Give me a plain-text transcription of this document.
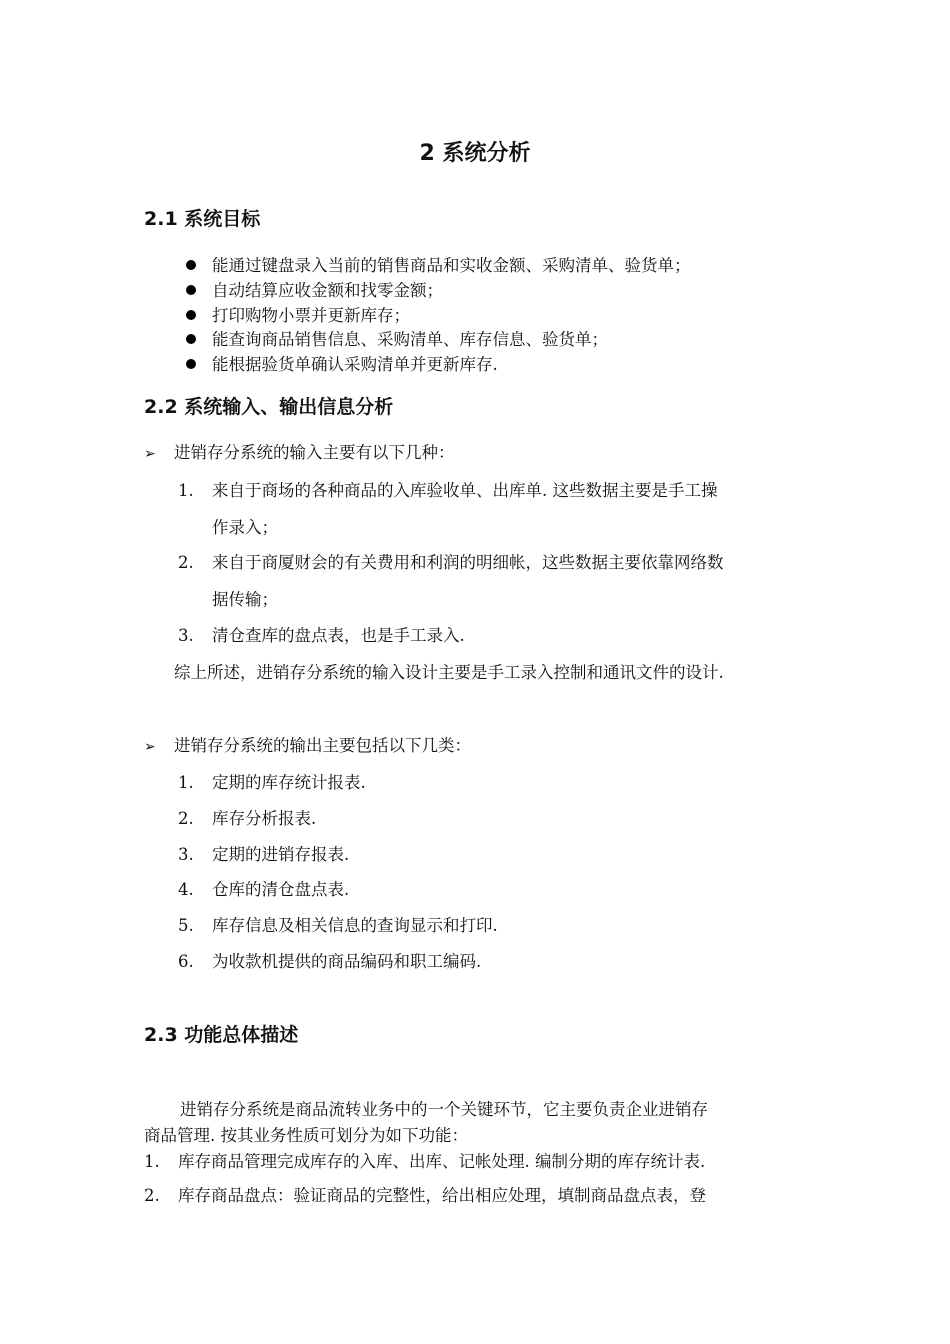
2 系统分析
2.1 系统目标
能通过键盘录入当前的销售商品和实收金额、采购清单、验货单；
自动结算应收金额和找零金额；
打印购物小票并更新库存；
能查询商品销售信息、采购清单、库存信息、验货单；
能根据验货单确认采购清单并更新库存.
2.2 系统输入、输出信息分析
➢ 进销存分系统的输入主要有以下几种：
1. 来自于商场的各种商品的入库验收单、出库单. 这些数据主要是手工操
作录入；
2. 来自于商厦财会的有关费用和利润的明细帐，这些数据主要依靠网络数
据传输；
3. 清仓查库的盘点表，也是手工录入.
综上所述，进销存分系统的输入设计主要是手工录入控制和通讯文件的设计.
➢ 进销存分系统的输出主要包括以下几类：
1. 定期的库存统计报表.
2. 库存分析报表.
3. 定期的进销存报表.
4. 仓库的清仓盘点表.
5. 库存信息及相关信息的查询显示和打印.
6. 为收款机提供的商品编码和职工编码.
2.3 功能总体描述
进销存分系统是商品流转业务中的一个关键环节，它主要负责企业进销存
商品管理. 按其业务性质可划分为如下功能：
1. 库存商品管理完成库存的入库、出库、记帐处理. 编制分期的库存统计表.
2. 库存商品盘点：验证商品的完整性，给出相应处理，填制商品盘点表，登
